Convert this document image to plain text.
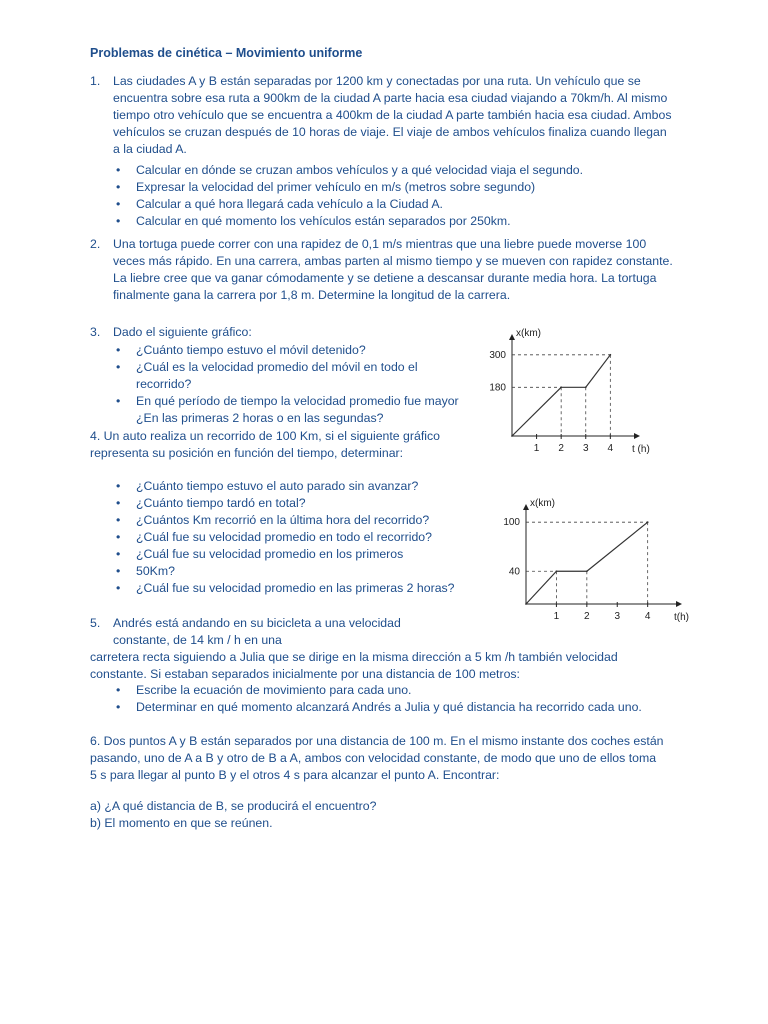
Problemas de cinética – Movimiento uniforme
1. Las ciudades A y B están separadas por 1200 km y conectadas por una ruta. Un vehículo que se encuentra sobre esa ruta a 900km de la ciudad A parte hacia esa ciudad viajando a 70km/h. Al mismo tiempo otro vehículo que se encuentra a 400km de la ciudad A parte también hacia esa ciudad. Ambos vehículos se cruzan después de 10 horas de viaje. El viaje de ambos vehículos finaliza cuando llegan a la ciudad A.

• Calcular en dónde se cruzan ambos vehículos y a qué velocidad viaja el segundo.
• Expresar la velocidad del primer vehículo en m/s (metros sobre segundo)
• Calcular a qué hora llegará cada vehículo a la Ciudad A.
• Calcular en qué momento los vehículos están separados por 250km.
2. Una tortuga puede correr con una rapidez de 0,1 m/s mientras que una liebre puede moverse 100 veces más rápido. En una carrera, ambas parten al mismo tiempo y se mueven con rapidez constante. La liebre cree que va ganar cómodamente y se detiene a descansar durante media hora. La tortuga finalmente gana la carrera por 1,8 m. Determine la longitud de la carrera.

3. Dado el siguiente gráfico:

• ¿Cuánto tiempo estuvo el móvil detenido?
• ¿Cuál es la velocidad promedio del móvil en todo el recorrido?
• En qué período de tiempo la velocidad promedio fue mayor ¿En las primeras 2 horas o en las segundas?
x(km)
t (h)
1 2 3 4
180
300

4. Un auto realiza un recorrido de 100 Km, si el siguiente gráfico representa su posición en función del tiempo, determinar:

• ¿Cuánto tiempo estuvo el auto parado sin avanzar?
• ¿Cuánto tiempo tardó en total?
• ¿Cuántos Km recorrió en la última hora del recorrido?
• ¿Cuál fue su velocidad promedio en todo el recorrido?
• ¿Cuál fue su velocidad promedio en los primeros
• 50Km?
• ¿Cuál fue su velocidad promedio en las primeras 2 horas?
x(km)
t(h)
1 2 3 4
40
100
5. Andrés está andando en su bicicleta a una velocidad constante, de 14 km / h en una

carretera recta siguiendo a Julia que se dirige en la misma dirección a 5 km /h también velocidad constante. Si estaban separados inicialmente por una distancia de 100 metros:

• Escribe la ecuación de movimiento para cada uno.
• Determinar en qué momento alcanzará Andrés a Julia y qué distancia ha recorrido cada uno.

6. Dos puntos A y B están separados por una distancia de 100 m. En el mismo instante dos coches están pasando, uno de A a B y otro de B a A, ambos con velocidad constante, de modo que uno de ellos toma 5 s para llegar al punto B y el otros 4 s para alcanzar el punto A. Encontrar:

a) ¿A qué distancia de B, se producirá el encuentro?

b) El momento en que se reúnen.
